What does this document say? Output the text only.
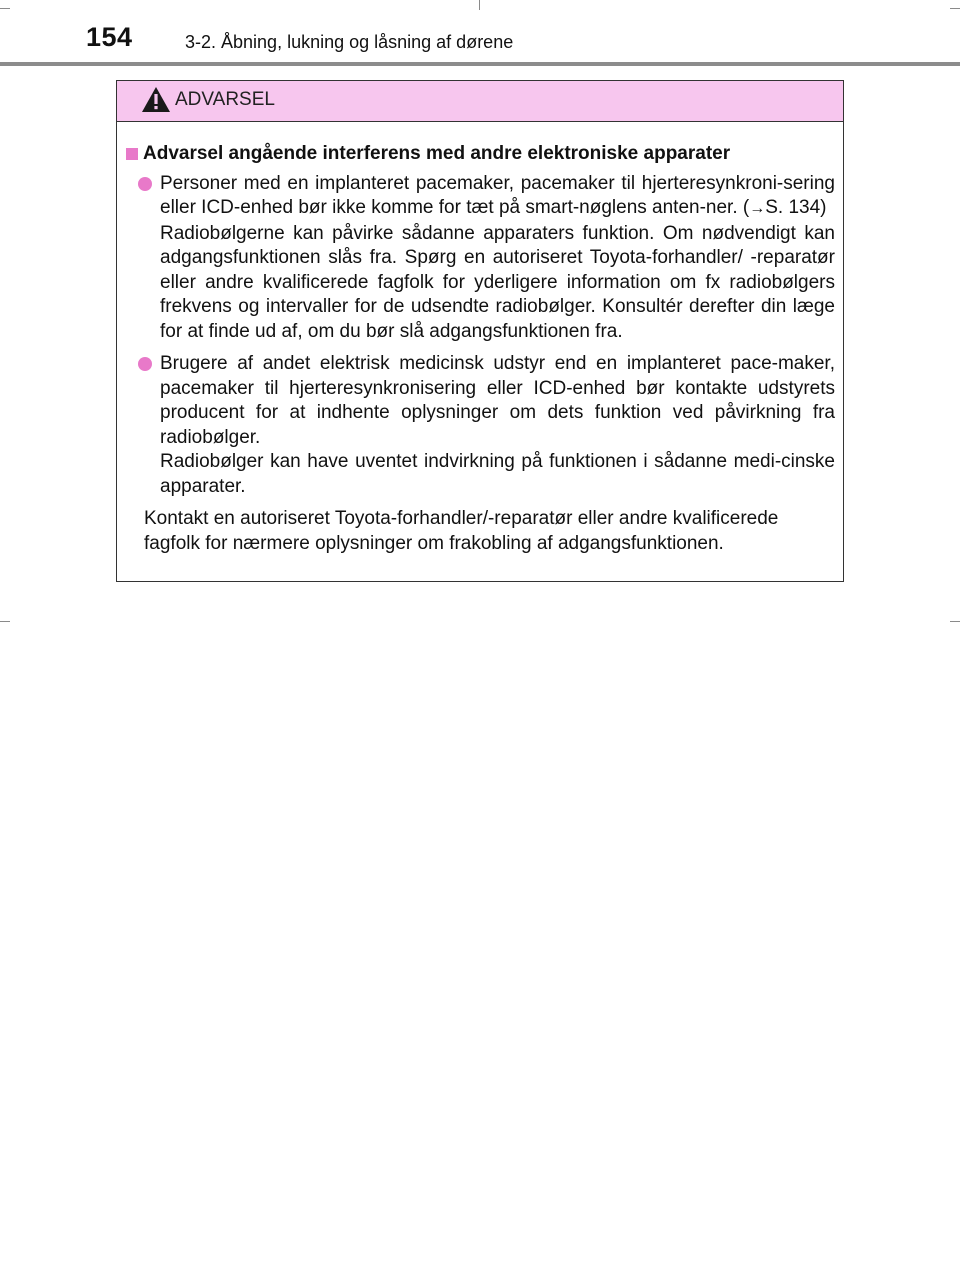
154	3-2. Åbning, lukning og låsning af dørene
ADVARSEL
Advarsel angående interferens med andre elektroniske apparater
Personer med en implanteret pacemaker, pacemaker til hjerteresynkroni-sering eller ICD-enhed bør ikke komme for tæt på smart-nøglens anten-ner. (→S. 134)
Radiobølgerne kan påvirke sådanne apparaters funktion. Om nødvendigt kan adgangsfunktionen slås fra. Spørg en autoriseret Toyota-forhandler/ -reparatør eller andre kvalificerede fagfolk for yderligere information om fx radiobølgers frekvens og intervaller for de udsendte radiobølger. Konsultér derefter din læge for at finde ud af, om du bør slå adgangsfunktionen fra.
Brugere af andet elektrisk medicinsk udstyr end en implanteret pace-maker, pacemaker til hjerteresynkronisering eller ICD-enhed bør kontakte udstyrets producent for at indhente oplysninger om dets funktion ved påvirkning fra radiobølger.
Radiobølger kan have uventet indvirkning på funktionen i sådanne medi-cinske apparater.
Kontakt en autoriseret Toyota-forhandler/-reparatør eller andre kvalificerede fagfolk for nærmere oplysninger om frakobling af adgangsfunktionen.
